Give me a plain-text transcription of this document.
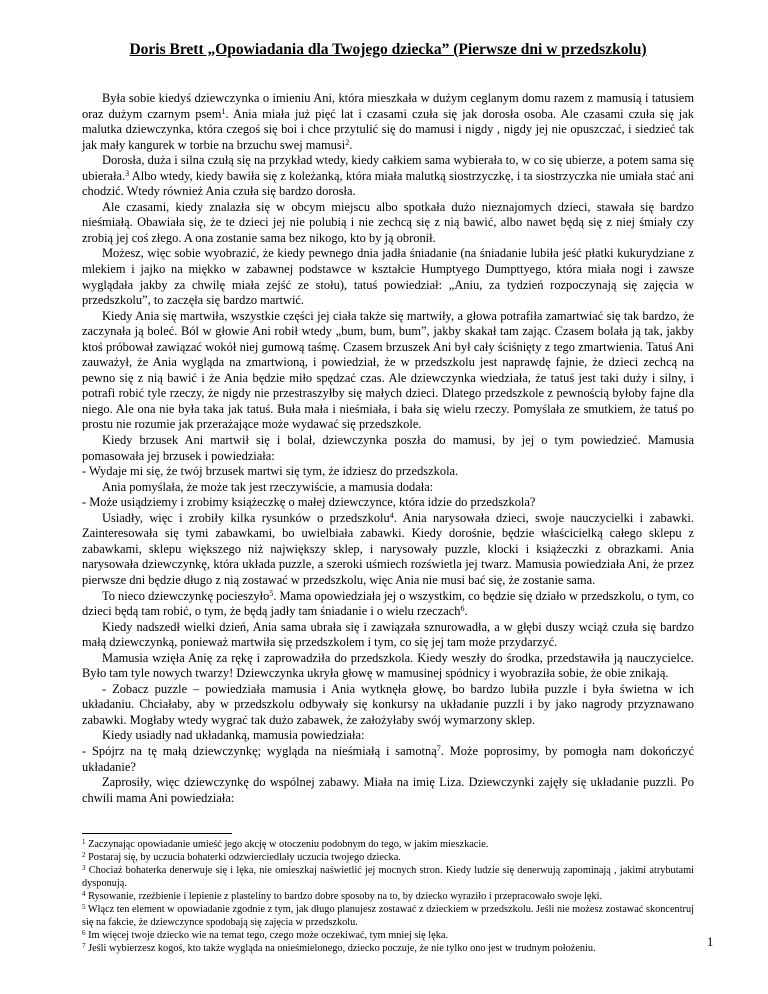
Doris Brett „Opowiadania dla Twojego dziecka” (Pierwsze dni w przedszkolu)

Była sobie kiedyś dziewczynka o imieniu Ani, która mieszkała w dużym ceglanym domu razem z mamusią i tatusiem oraz dużym czarnym psem$^1$. Ania miała już pięć lat i czasami czuła się jak dorosła osoba. Ale czasami czuła się jak malutka dziewczynka, która czegoś się boi i chce przytulić się do mamusi i nigdy , nigdy jej nie opuszczać, i siedzieć tak jak mały kangurek w torbie na brzuchu swej mamusi$^2$.

Dorosła, duża i silna czułą się na przykład wtedy, kiedy całkiem sama wybierała to, w co się ubierze, a potem sama się ubierała.$^3$ Albo wtedy, kiedy bawiła się z koleżanką, która miała malutką siostrzyczkę, i ta siostrzyczka nie umiała stać ani chodzić. Wtedy również Ania czuła się bardzo dorosła.

Ale czasami, kiedy znalazła się w obcym miejscu albo spotkała dużo nieznajomych dzieci, stawała się bardzo nieśmiałą. Obawiała się, że te dzieci jej nie polubią i nie zechcą się z nią bawić, albo nawet będą się z niej śmiały czy zrobią jej coś złego. A ona zostanie sama bez nikogo, kto by ją obronił.

Możesz, więc sobie wyobrazić, że kiedy pewnego dnia jadła śniadanie (na śniadanie lubiła jeść płatki kukurydziane z mlekiem i jajko na miękko w zabawnej podstawce w kształcie Humptyego Dumpttyego, która miała nogi i zawsze wyglądała jakby za chwilę miała zejść ze stołu), tatuś powiedział: „Aniu, za tydzień rozpoczynają się zajęcia w przedszkolu”, to zaczęła się bardzo martwić.

Kiedy Ania się martwiła, wszystkie części jej ciała także się martwiły, a głowa potrafiła zamartwiać się tak bardzo, że zaczynała ją boleć. Ból w głowie Ani robił wtedy „bum, bum, bum”, jakby skakał tam zając. Czasem bolała ją tak, jakby ktoś próbował zawiązać wokół niej gumową taśmę. Czasem brzuszek Ani był cały ściśnięty z tego zmartwienia. Tatuś Ani zauważył, że Ania wygląda na zmartwioną, i powiedział, że w przedszkolu jest naprawdę fajnie, że dzieci zechcą na pewno się z nią bawić i że Ania będzie miło spędzać czas. Ale dziewczynka wiedziała, że tatuś jest taki duży i silny, i potrafi robić tyle rzeczy, że nigdy nie przestraszyłby się małych dzieci. Dlatego przedszkole z pewnością byłoby fajne dla niego. Ale ona nie była taka jak tatuś. Buła mała i nieśmiała, i bała się wielu rzeczy. Pomyślała ze smutkiem, że tatuś po prostu nie rozumie jak przerażające może wydawać się przedszkole.

Kiedy brzusek Ani martwił się i bolał, dziewczynka poszła do mamusi, by jej o tym powiedzieć. Mamusia pomasowała jej brzusek i powiedziała:

- Wydaje mi się, że twój brzusek martwi się tym, że idziesz do przedszkola.

Ania pomyślała, że może tak jest rzeczywiście, a mamusia dodała:

- Może usiądziemy i zrobimy książeczkę o małej dziewczynce, która idzie do przedszkola?

Usiadły, więc i zrobiły kilka rysunków o przedszkolu$^4$. Ania narysowała dzieci, swoje nauczycielki i zabawki. Zainteresowała się tymi zabawkami, bo uwielbiała zabawki. Kiedy dorośnie, będzie właścicielką całego sklepu z zabawkami, sklepu większego niż największy sklep, i narysowały puzzle, klocki i książeczki z obrazkami. Ania narysowała dziewczynkę, która układa puzzle, a szeroki uśmiech rozświetla jej twarz. Mamusia powiedziała Ani, że przez pierwsze dni będzie długo z nią zostawać w przedszkolu, więc Ania nie musi bać się, że zostanie sama.

To nieco dziewczynkę pocieszyło$^5$. Mama opowiedziała jej o wszystkim, co będzie się działo w przedszkolu, o tym, co dzieci będą tam robić, o tym, że będą jadły tam śniadanie i o wielu rzeczach$^6$.

Kiedy nadszedł wielki dzień, Ania sama ubrała się i zawiązała sznurowadła, a w głębi duszy wciąż czuła się bardzo małą dziewczynką, ponieważ martwiła się przedszkolem i tym, co się jej tam może przydarzyć.

Mamusia wzięła Anię za rękę i zaprowadziła do przedszkola. Kiedy weszły do środka, przedstawiła ją nauczycielce. Było tam tyle nowych twarzy! Dziewczynka ukryła głowę w mamusinej spódnicy i wyobraziła sobie, że obie znikają.

- Zobacz puzzle – powiedziała mamusia i Ania wytknęła głowę, bo bardzo lubiła puzzle i była świetna w ich układaniu. Chciałaby, aby w przedszkolu odbywały się konkursy na układanie puzzli i by jako nagrody przyznawano zabawki. Mogłaby wtedy wygrać tak dużo zabawek, że założyłaby swój wymarzony sklep.

Kiedy usiadły nad układanką, mamusia powiedziała:

- Spójrz na tę małą dziewczynkę; wygląda na nieśmiałą i samotną$^7$. Może poprosimy, by pomogła nam dokończyć układanie?

Zaprosiły, więc dziewczynkę do wspólnej zabawy. Miała na imię Liza. Dziewczynki zajęły się układanie puzzli. Po chwili mama Ani powiedziała:

$^1$ Zaczynając opowiadanie umieść jego akcję w otoczeniu podobnym do tego, w jakim mieszkacie.
$^2$ Postaraj się, by uczucia bohaterki odzwierciedlały uczucia twojego dziecka.
$^3$ Chociaż bohaterka denerwuje się i lęka, nie omieszkaj naświetlić jej mocnych stron. Kiedy ludzie się denerwują zapominają , jakimi atrybutami dysponują.
$^4$ Rysowanie, rzeźbienie i lepienie z plasteliny to bardzo dobre sposoby na to, by dziecko wyraziło i przepracowało swoje lęki.
$^5$ Włącz ten element w opowiadanie zgodnie z tym, jak długo planujesz zostawać z dzieckiem w przedszkolu. Jeśli nie możesz zostawać skoncentruj się na fakcie, że dziewczynce spodobają się zajęcia w przedszkolu.
$^6$ Im więcej twoje dziecko wie na temat tego, czego może oczekiwać, tym mniej się lęka.
$^7$ Jeśli wybierzesz kogoś, kto także wygląda na onieśmielonego, dziecko poczuje, że nie tylko ono jest w trudnym położeniu.	1
